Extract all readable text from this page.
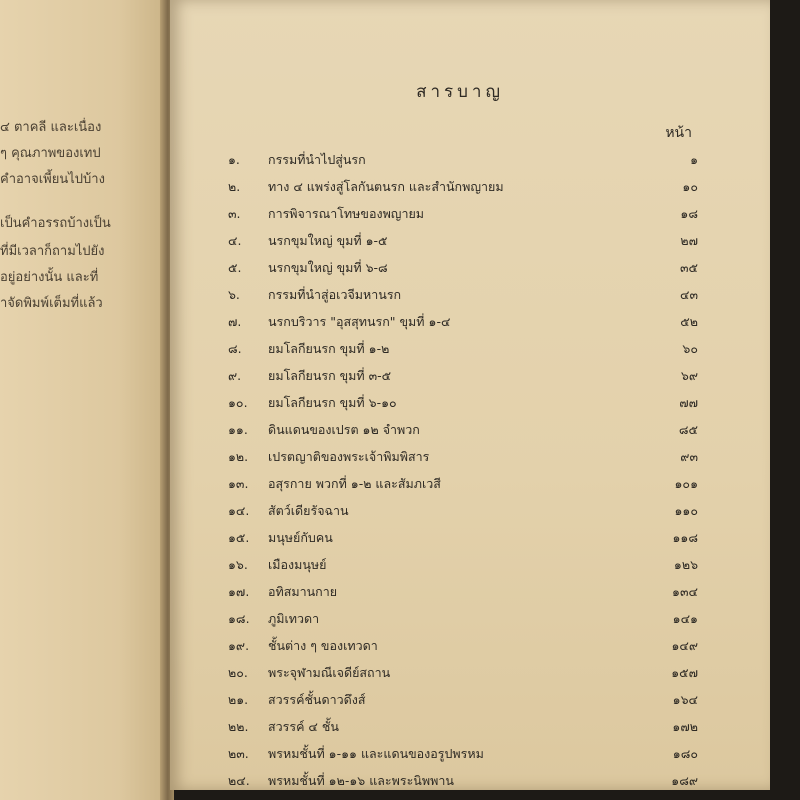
๔ ตาคลี และเนื่อง
ๆ คุณภาพของเทป
คำอาจเพี้ยนไปบ้าง
เป็นคำอรรถบ้างเป็น
ที่มีเวลาก็ถามไปยัง
อยู่อย่างนั้น และที่
าจัดพิมพ์เต็มที่แล้ว
สารบาญ
หน้า
๑. กรรมที่นำไปสู่นรก	๑
๒. ทาง ๔ แพร่งสู่โลกันตนรก และสำนักพญายม	๑๐
๓. การพิจารณาโทษของพญายม	๑๘
๔. นรกขุมใหญ่ ขุมที่ ๑-๕	๒๗
๕. นรกขุมใหญ่ ขุมที่ ๖-๘	๓๕
๖. กรรมที่นำสู่อเวจีมหานรก	๔๓
๗. นรกบริวาร "อุสสุทนรก" ขุมที่ ๑-๔	๕๒
๘. ยมโลกียนรก ขุมที่ ๑-๒	๖๐
๙. ยมโลกียนรก ขุมที่ ๓-๕	๖๙
๑๐. ยมโลกียนรก ขุมที่ ๖-๑๐	๗๗
๑๑. ดินแดนของเปรต ๑๒ จำพวก	๘๕
๑๒. เปรตญาติของพระเจ้าพิมพิสาร	๙๓
๑๓. อสุรกาย พวกที่ ๑-๒ และสัมภเวสี	๑๐๑
๑๔. สัตว์เดียรัจฉาน	๑๑๐
๑๕. มนุษย์กับคน	๑๑๘
๑๖. เมืองมนุษย์	๑๒๖
๑๗. อทิสมานกาย	๑๓๔
๑๘. ภูมิเทวดา	๑๔๑
๑๙. ชั้นต่าง ๆ ของเทวดา	๑๔๙
๒๐. พระจุฬามณีเจดีย์สถาน	๑๕๗
๒๑. สวรรค์ชั้นดาวดึงส์	๑๖๔
๒๒. สวรรค์ ๔ ชั้น	๑๗๒
๒๓. พรหมชั้นที่ ๑-๑๑ และแดนของอรูปพรหม	๑๘๐
๒๔. พรหมชั้นที่ ๑๒-๑๖ และพระนิพพาน	๑๘๙
